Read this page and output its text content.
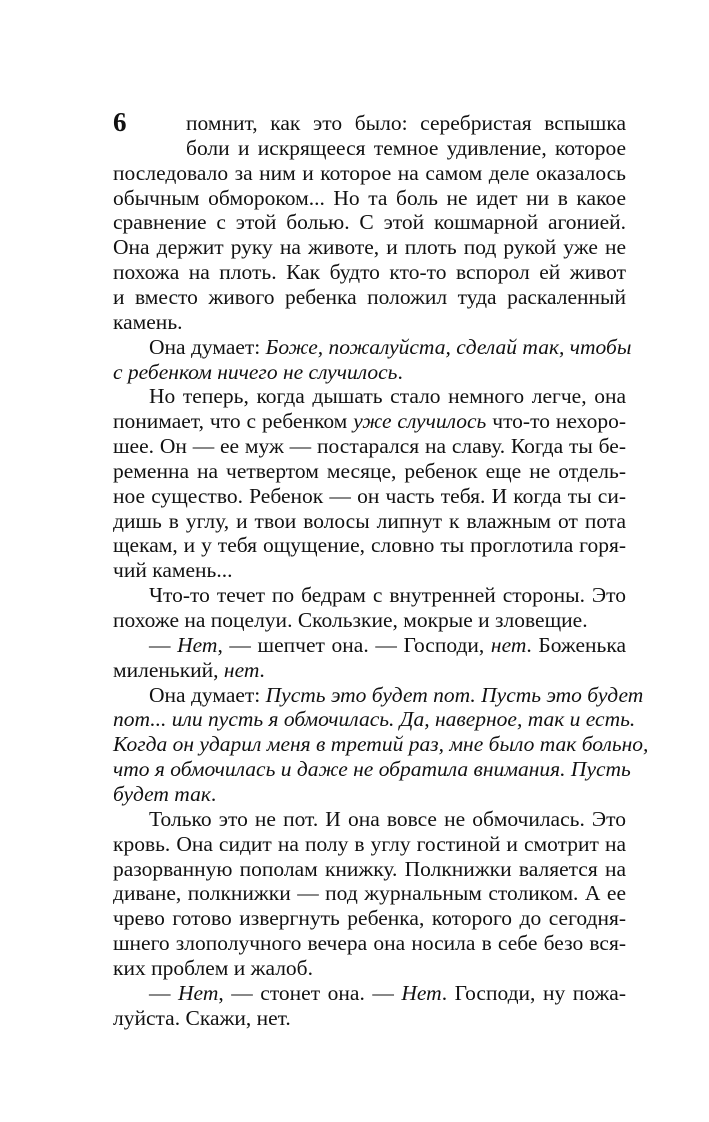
6	помнит, как это было: серебристая вспышка
боли и искрящееся темное удивление, которое
последовало за ним и которое на самом деле оказалось
обычным обмороком... Но та боль не идет ни в какое
сравнение с этой болью. С этой кошмарной агонией.
Она держит руку на животе, и плоть под рукой уже не
похожа на плоть. Как будто кто-то вспорол ей живот
и вместо живого ребенка положил туда раскаленный
камень.
Она думает: Боже, пожалуйста, сделай так, чтобы
с ребенком ничего не случилось.
Но теперь, когда дышать стало немного легче, она
понимает, что с ребенком уже случилось что-то нехоро-
шее. Он — ее муж — постарался на славу. Когда ты бе-
ременна на четвертом месяце, ребенок еще не отдель-
ное существо. Ребенок — он часть тебя. И когда ты си-
дишь в углу, и твои волосы липнут к влажным от пота
щекам, и у тебя ощущение, словно ты проглотила горя-
чий камень...
Что-то течет по бедрам с внутренней стороны. Это
похоже на поцелуи. Скользкие, мокрые и зловещие.
— Нет, — шепчет она. — Господи, нет. Боженька
миленький, нет.
Она думает: Пусть это будет пот. Пусть это будет
пот... или пусть я обмочилась. Да, наверное, так и есть.
Когда он ударил меня в третий раз, мне было так больно,
что я обмочилась и даже не обратила внимания. Пусть
будет так.
Только это не пот. И она вовсе не обмочилась. Это
кровь. Она сидит на полу в углу гостиной и смотрит на
разорванную пополам книжку. Полкнижки валяется на
диване, полкнижки — под журнальным столиком. А ее
чрево готово извергнуть ребенка, которого до сегодня-
шнего злополучного вечера она носила в себе безо вся-
ких проблем и жалоб.
— Нет, — стонет она. — Нет. Господи, ну пожа-
луйста. Скажи, нет.
